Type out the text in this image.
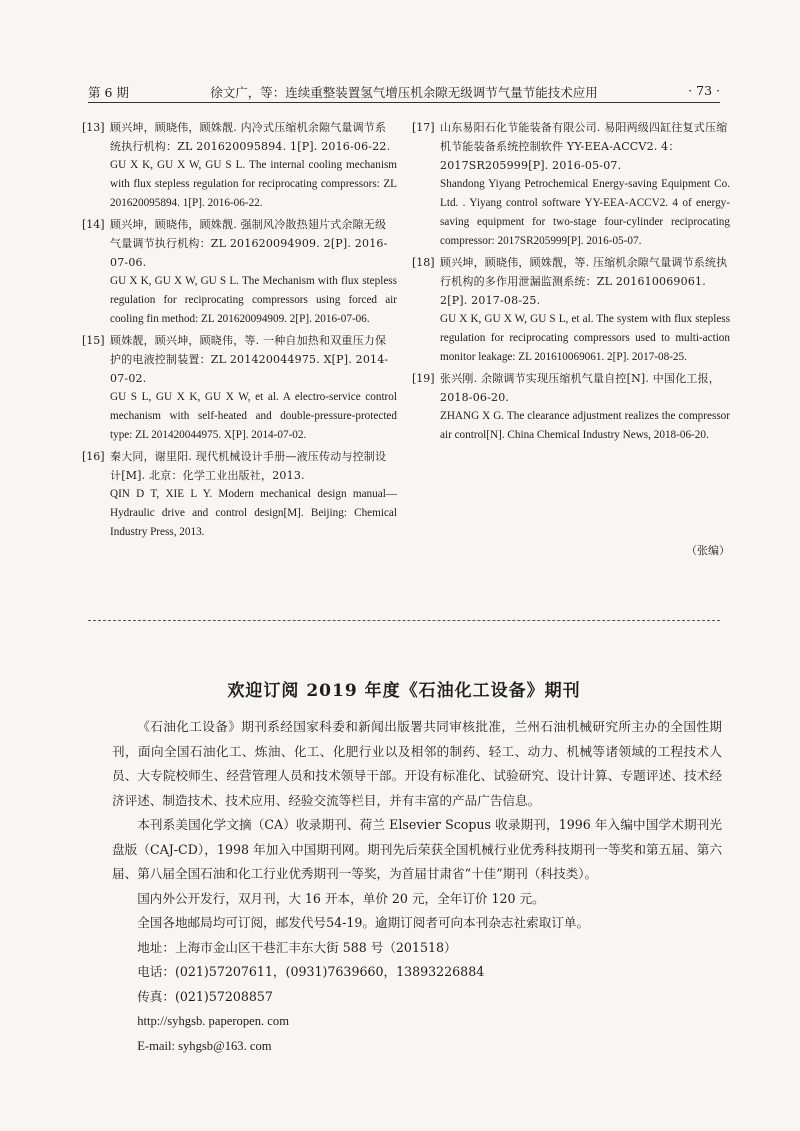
第 6 期	徐文广，等：连续重整装置氢气增压机余隙无级调节气量节能技术应用	· 73 ·
[13] 顾兴坤，顾晓伟，顾姝靓. 内冷式压缩机余隙气量调节系统执行机构：ZL 201620095894. 1[P]. 2016-06-22.
GU X K, GU X W, GU S L. The internal cooling mechanism with flux stepless regulation for reciprocating compressors: ZL 201620095894. 1[P]. 2016-06-22.
[14] 顾兴坤，顾晓伟，顾姝靓. 强制风冷散热翅片式余隙无级气量调节执行机构：ZL 201620094909. 2[P]. 2016-07-06.
GU X K, GU X W, GU S L. The Mechanism with flux stepless regulation for reciprocating compressors using forced air cooling fin method: ZL 201620094909. 2[P]. 2016-07-06.
[15] 顾姝靓，顾兴坤，顾晓伟，等. 一种自加热和双重压力保护的电液控制装置：ZL 201420044975. X[P]. 2014-07-02.
GU S L, GU X K, GU X W, et al. A electro-service control mechanism with self-heated and double-pressure-protected type: ZL 201420044975. X[P]. 2014-07-02.
[16] 秦大同，谢里阳. 现代机械设计手册—液压传动与控制设计[M]. 北京：化学工业出版社，2013.
QIN D T, XIE L Y. Modern mechanical design manual—Hydraulic drive and control design[M]. Beijing: Chemical Industry Press, 2013.
[17] 山东易阳石化节能装备有限公司. 易阳两级四缸往复式压缩机节能装备系统控制软件 YY-EEA-ACCV2. 4：2017SR205999[P]. 2016-05-07.
Shandong Yiyang Petrochemical Energy-saving Equipment Co. Ltd. . Yiyang control software YY-EEA-ACCV2. 4 of energy-saving equipment for two-stage four-cylinder reciprocating compressor: 2017SR205999[P]. 2016-05-07.
[18] 顾兴坤，顾晓伟，顾姝靓，等. 压缩机余隙气量调节系统执行机构的多作用泄漏监测系统：ZL 201610069061. 2[P]. 2017-08-25.
GU X K, GU X W, GU S L, et al. The system with flux stepless regulation for reciprocating compressors used to multi-action monitor leakage: ZL 201610069061. 2[P]. 2017-08-25.
[19] 张兴刚. 余隙调节实现压缩机气量自控[N]. 中国化工报，2018-06-20.
ZHANG X G. The clearance adjustment realizes the compressor air control[N]. China Chemical Industry News, 2018-06-20.
（张编）
欢迎订阅 2019 年度《石油化工设备》期刊
《石油化工设备》期刊系经国家科委和新闻出版署共同审核批准，兰州石油机械研究所主办的全国性期刊，面向全国石油化工、炼油、化工、化肥行业以及相邻的制药、轻工、动力、机械等诸领域的工程技术人员、大专院校师生、经营管理人员和技术领导干部。开设有标准化、试验研究、设计计算、专题评述、技术经济评述、制造技术、技术应用、经验交流等栏目，并有丰富的产品广告信息。
本刊系美国化学文摘（CA）收录期刊、荷兰 Elsevier Scopus 收录期刊，1996 年入编中国学术期刊光盘版（CAJ-CD），1998 年加入中国期刊网。期刊先后荣获全国机械行业优秀科技期刊一等奖和第五届、第六届、第八届全国石油和化工行业优秀期刊一等奖，为首届甘肃省“十佳”期刊（科技类）。
国内外公开发行，双月刊，大 16 开本，单价 20 元，全年订价 120 元。
全国各地邮局均可订阅，邮发代号54-19。逾期订阅者可向本刊杂志社索取订单。
地址：上海市金山区干巷汇丰东大街 588 号（201518）
电话：(021)57207611，(0931)7639660，13893226884
传真：(021)57208857
http://syhgsb. paperopen. com
E-mail: syhgsb@163. com
